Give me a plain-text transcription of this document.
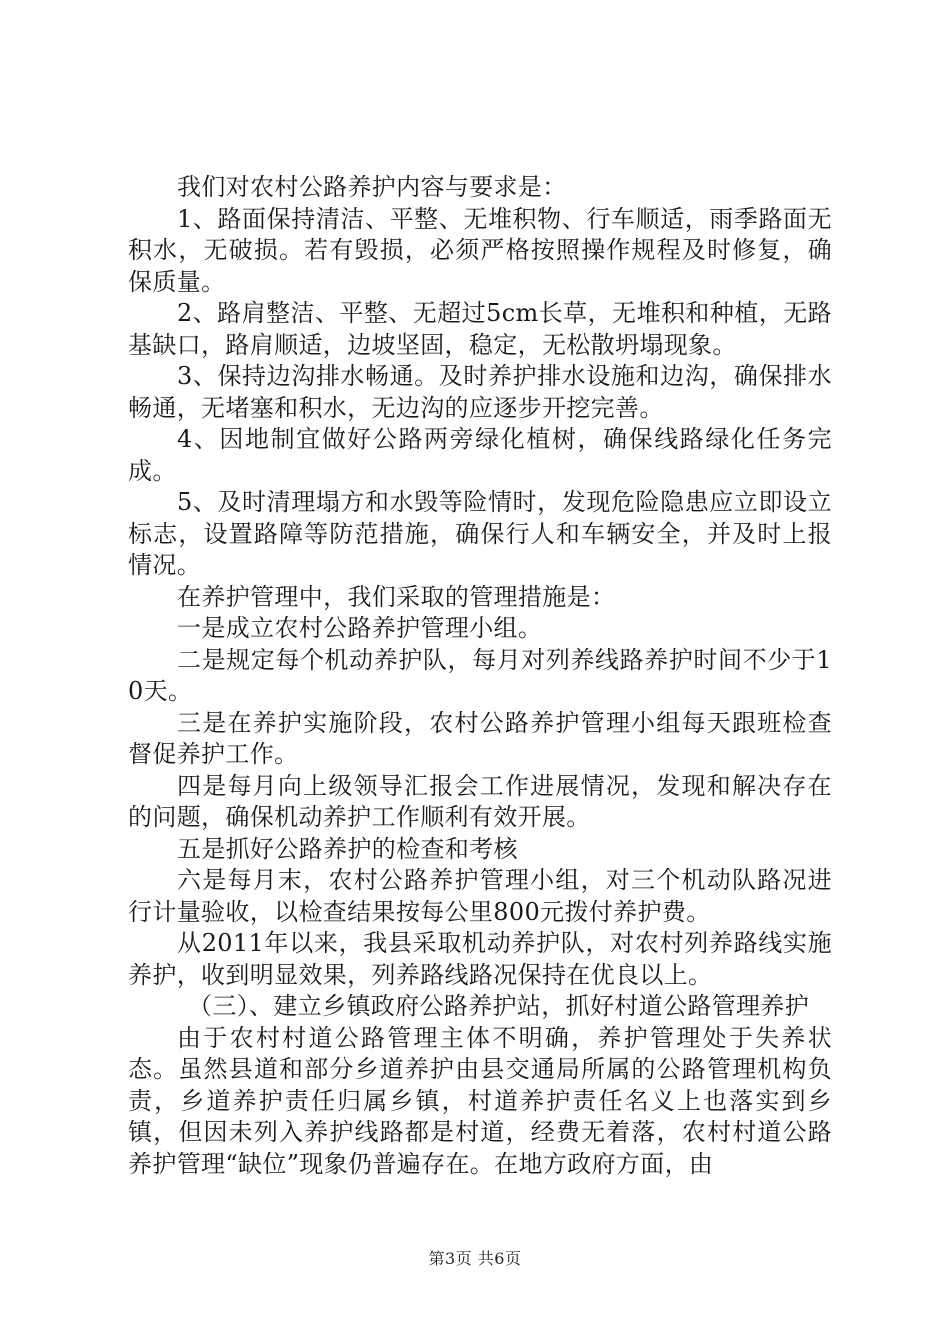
我们对农村公路养护内容与要求是：

1、路面保持清洁、平整、无堆积物、行车顺适，雨季路面无积水，无破损。若有毁损，必须严格按照操作规程及时修复，确保质量。

2、路肩整洁、平整、无超过5cm长草，无堆积和种植，无路基缺口，路肩顺适，边坡坚固，稳定，无松散坍塌现象。

3、保持边沟排水畅通。及时养护排水设施和边沟，确保排水畅通，无堵塞和积水，无边沟的应逐步开挖完善。

4、因地制宜做好公路两旁绿化植树，确保线路绿化任务完成。

5、及时清理塌方和水毁等险情时，发现危险隐患应立即设立标志，设置路障等防范措施，确保行人和车辆安全，并及时上报情况。

在养护管理中，我们采取的管理措施是：

一是成立农村公路养护管理小组。

二是规定每个机动养护队，每月对列养线路养护时间不少于10天。

三是在养护实施阶段，农村公路养护管理小组每天跟班检查督促养护工作。

四是每月向上级领导汇报会工作进展情况，发现和解决存在的问题，确保机动养护工作顺利有效开展。

五是抓好公路养护的检查和考核

六是每月末，农村公路养护管理小组，对三个机动队路况进行计量验收，以检查结果按每公里800元拨付养护费。

从2011年以来，我县采取机动养护队，对农村列养路线实施养护，收到明显效果，列养路线路况保持在优良以上。

（三）、建立乡镇政府公路养护站，抓好村道公路管理养护

由于农村村道公路管理主体不明确，养护管理处于失养状态。虽然县道和部分乡道养护由县交通局所属的公路管理机构负责，乡道养护责任归属乡镇，村道养护责任名义上也落实到乡镇，但因未列入养护线路都是村道，经费无着落，农村村道公路养护管理“缺位”现象仍普遍存在。在地方政府方面，由

第3页 共6页
